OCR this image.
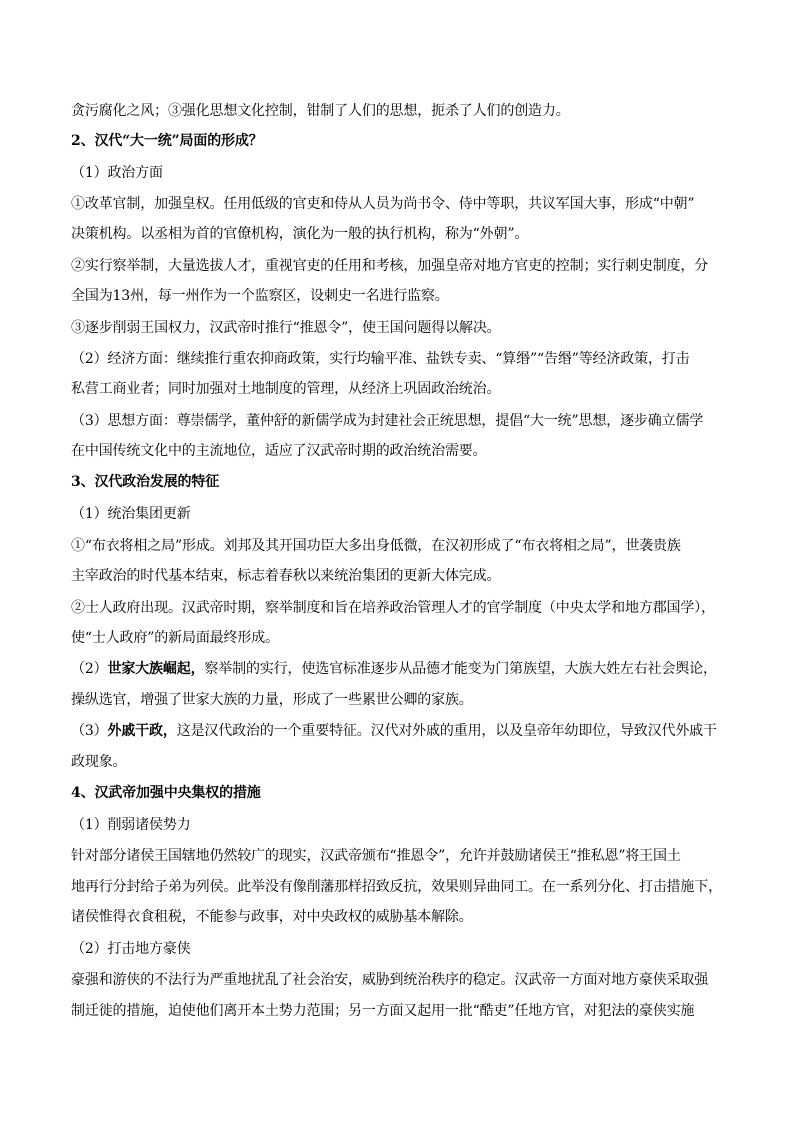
贪污腐化之风；③强化思想文化控制，钳制了人们的思想，扼杀了人们的创造力。
2、汉代“大一统”局面的形成？
（1）政治方面
①改革官制，加强皇权。任用低级的官吏和侍从人员为尚书令、侍中等职，共议军国大事，形成“中朝”
决策机构。以丞相为首的官僚机构，演化为一般的执行机构，称为“外朝”。
②实行察举制，大量选拔人才，重视官吏的任用和考核，加强皇帝对地方官吏的控制；实行刺史制度，分
全国为13州，每一州作为一个监察区，设刺史一名进行监察。
③逐步削弱王国权力，汉武帝时推行“推恩令”，使王国问题得以解决。
（2）经济方面：继续推行重农抑商政策，实行均输平准、盐铁专卖、“算缗”“告缗”等经济政策，打击
私营工商业者；同时加强对土地制度的管理，从经济上巩固政治统治。
（3）思想方面：尊崇儒学，董仲舒的新儒学成为封建社会正统思想，提倡“大一统”思想，逐步确立儒学
在中国传统文化中的主流地位，适应了汉武帝时期的政治统治需要。
3、汉代政治发展的特征
（1）统治集团更新
①“布衣将相之局”形成。刘邦及其开国功臣大多出身低微，在汉初形成了“布衣将相之局”，世袭贵族
主宰政治的时代基本结束，标志着春秋以来统治集团的更新大体完成。
②士人政府出现。汉武帝时期，察举制度和旨在培养政治管理人才的官学制度（中央太学和地方郡国学），
使“士人政府”的新局面最终形成。
（2）世家大族崛起，察举制的实行，使选官标准逐步从品德才能变为门第族望，大族大姓左右社会舆论，
操纵选官，增强了世家大族的力量，形成了一些累世公卿的家族。
（3）外戚干政，这是汉代政治的一个重要特征。汉代对外戚的重用，以及皇帝年幼即位，导致汉代外戚干
政现象。
4、汉武帝加强中央集权的措施
（1）削弱诸侯势力
针对部分诸侯王国辖地仍然较广的现实，汉武帝颁布“推恩令”，允许并鼓励诸侯王“推私恩”将王国土
地再行分封给子弟为列侯。此举没有像削藩那样招致反抗，效果则异曲同工。在一系列分化、打击措施下，
诸侯惟得衣食租税，不能参与政事，对中央政权的威胁基本解除。
（2）打击地方豪侠
豪强和游侠的不法行为严重地扰乱了社会治安，威胁到统治秩序的稳定。汉武帝一方面对地方豪侠采取强
制迁徙的措施，迫使他们离开本土势力范围；另一方面又起用一批“酷吏”任地方官，对犯法的豪侠实施
